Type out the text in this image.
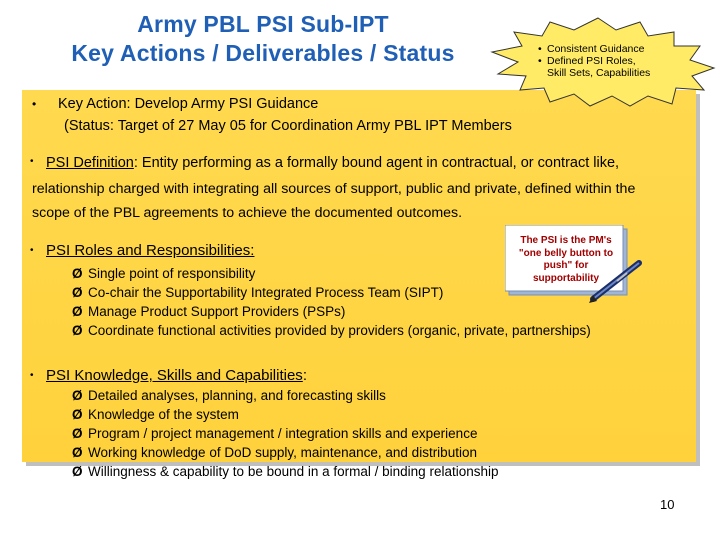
Army PBL PSI Sub-IPT
Key Actions / Deliverables / Status	• Consistent Guidance
• Defined PSI Roles,
Skill Sets, Capabilities
• Key Action: Develop Army PSI Guidance
(Status: Target of 27 May 05 for Coordination Army PBL IPT Members
• PSI Definition: Entity performing as a formally bound agent in contractual, or contract like,
relationship charged with integrating all sources of support, public and private, defined within the
scope of the PBL agreements to achieve the documented outcomes.
• PSI Roles and Responsibilities:
Ø Single point of responsibility
Ø Co-chair the Supportability Integrated Process Team (SIPT)
Ø Manage Product Support Providers (PSPs)
Ø Coordinate functional activities provided by providers (organic, private, partnerships)
The PSI is the PM's "one belly button to push" for supportability
• PSI Knowledge, Skills and Capabilities:
Ø Detailed analyses, planning, and forecasting skills
Ø Knowledge of the system
Ø Program / project management / integration skills and experience
Ø Working knowledge of DoD supply, maintenance, and distribution
Ø Willingness & capability to be bound in a formal / binding relationship
10
